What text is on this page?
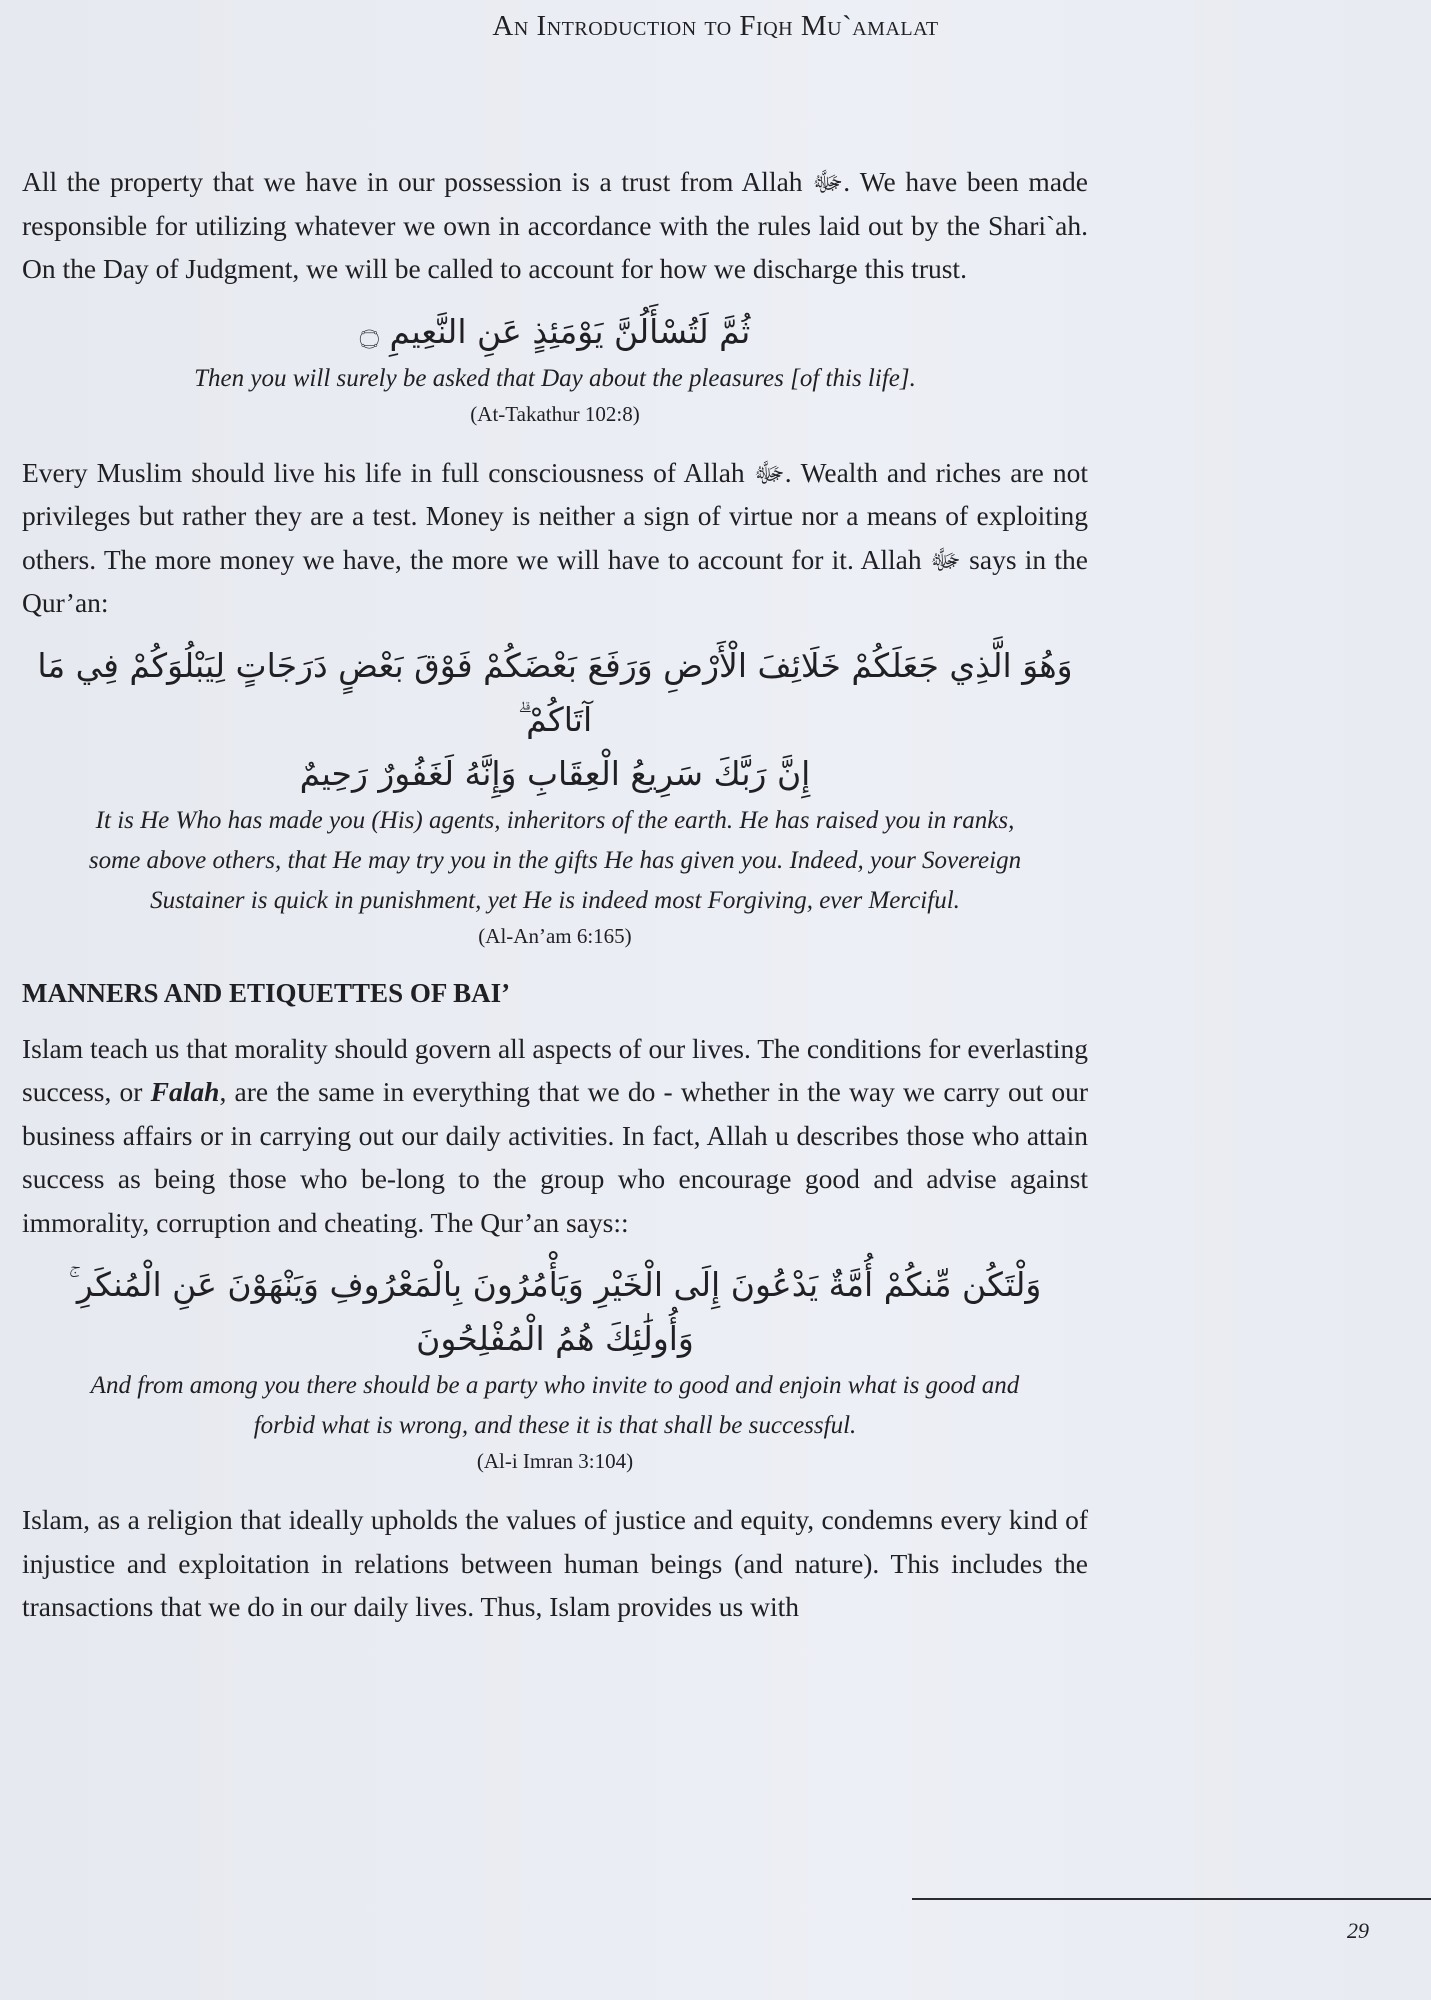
An Introduction to Fiqh Mu`amalat

All the property that we have in our possession is a trust from Allah ﷻ. We have been made responsible for utilizing whatever we own in accordance with the rules laid out by the Shari`ah. On the Day of Judgment, we will be called to account for how we discharge this trust.

ثُمَّ لَتُسْأَلُنَّ يَوْمَئِذٍ عَنِ النَّعِيمِ ۝
Then you will surely be asked that Day about the pleasures [of this life].
(At-Takathur 102:8)

Every Muslim should live his life in full consciousness of Allah ﷻ. Wealth and riches are not privileges but rather they are a test. Money is neither a sign of virtue nor a means of exploiting others. The more money we have, the more we will have to account for it. Allah ﷻ says in the Qur’an:

وَهُوَ الَّذِي جَعَلَكُمْ خَلَائِفَ الْأَرْضِ وَرَفَعَ بَعْضَكُمْ فَوْقَ بَعْضٍ دَرَجَاتٍ لِيَبْلُوَكُمْ فِي مَا آتَاكُمْ ۗ
إِنَّ رَبَّكَ سَرِيعُ الْعِقَابِ وَإِنَّهُ لَغَفُورٌ رَحِيمٌ
It is He Who has made you (His) agents, inheritors of the earth. He has raised you in ranks,
some above others, that He may try you in the gifts He has given you. Indeed, your Sovereign
Sustainer is quick in punishment, yet He is indeed most Forgiving, ever Merciful.
(Al-An’am 6:165)
MANNERS AND ETIQUETTES OF BAI’

Islam teach us that morality should govern all aspects of our lives. The conditions for everlasting success, or Falah, are the same in everything that we do - whether in the way we carry out our business affairs or in carrying out our daily activities. In fact, Allah u describes those who attain success as being those who be-long to the group who encourage good and advise against immorality, corruption and cheating. The Qur’an says::

وَلْتَكُن مِّنكُمْ أُمَّةٌ يَدْعُونَ إِلَى الْخَيْرِ وَيَأْمُرُونَ بِالْمَعْرُوفِ وَيَنْهَوْنَ عَنِ الْمُنكَرِ ۚ
وَأُولَٰئِكَ هُمُ الْمُفْلِحُونَ
And from among you there should be a party who invite to good and enjoin what is good and
forbid what is wrong, and these it is that shall be successful.
(Al-i Imran 3:104)

Islam, as a religion that ideally upholds the values of justice and equity, condemns every kind of injustice and exploitation in relations between human beings (and nature). This includes the transactions that we do in our daily lives. Thus, Islam provides us with

29
